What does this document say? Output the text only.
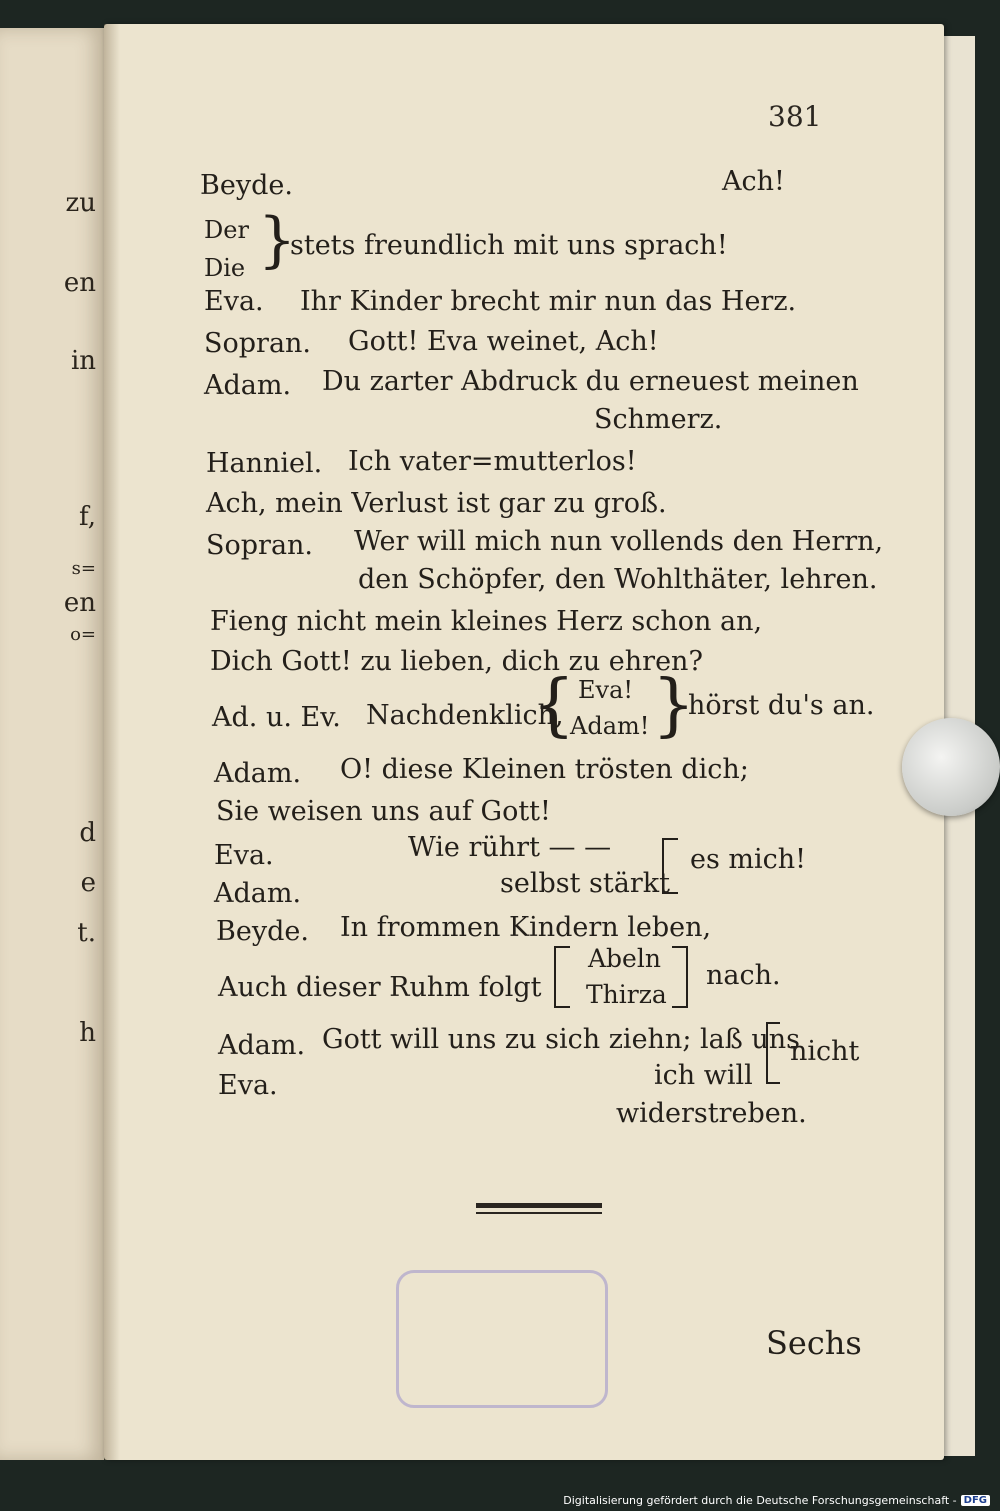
zu
en
in
f,
s=
en
o=
d
e
t.
h
381
Beyde.	Ach!
Der
Die }
stets freundlich mit uns sprach!
Eva. Ihr Kinder brecht mir nun das Herz.
Sopran. Gott! Eva weinet, Ach!
Adam. Du zarter Abdruck du erneuest meinen
Schmerz.
Hanniel. Ich vater=mutterlos!
Ach, mein Verlust ist gar zu groß.
Sopran. Wer will mich nun vollends den Herrn,
den Schöpfer, den Wohlthäter, lehren.
Fieng nicht mein kleines Herz schon an,
Dich Gott! zu lieben, dich zu ehren?
Ad. u. Ev. Nachdenklich,
{ Eva!
Adam! }
hörst du's an.
Adam. O! diese Kleinen trösten dich;
Sie weisen uns auf Gott!
Eva.	Wie rührt — —
Adam.	selbst stärkt
es mich!
Beyde. In frommen Kindern leben,
Auch dieser Ruhm folgt
Abeln
Thirza
nach.
Adam. Gott will uns zu sich ziehn; laß uns
Eva.	ich will
nicht
widerstreben.
Sechs
Digitalisierung gefördert durch die Deutsche Forschungsgemeinschaft - DFG
